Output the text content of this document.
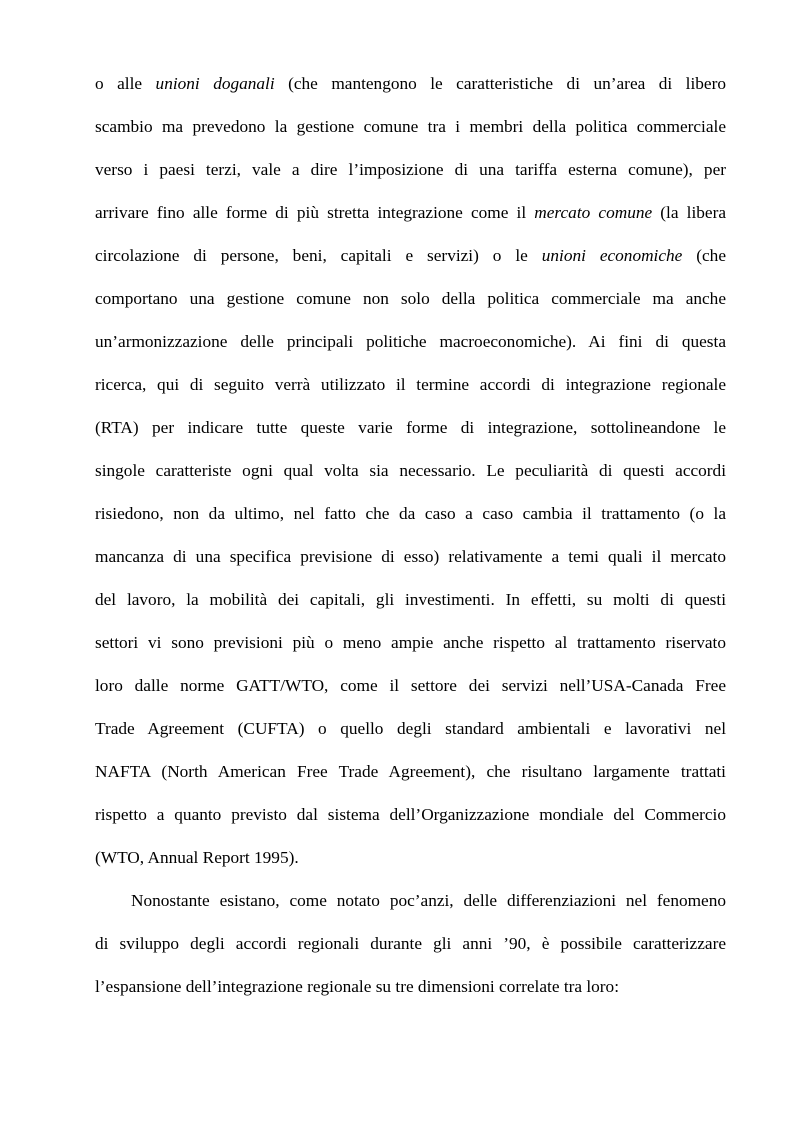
o alle unioni doganali (che mantengono le caratteristiche di un’area di libero
scambio ma prevedono la gestione comune tra i membri della politica commerciale
verso i paesi terzi, vale a dire l’imposizione di una tariffa esterna comune), per
arrivare fino alle forme di più stretta integrazione come il mercato comune (la libera
circolazione di persone, beni, capitali e servizi) o le unioni economiche (che
comportano una gestione comune non solo della politica commerciale ma anche
un’armonizzazione delle principali politiche macroeconomiche). Ai fini di questa
ricerca, qui di seguito verrà utilizzato il termine accordi di integrazione regionale
(RTA) per indicare tutte queste varie forme di integrazione, sottolineandone le
singole caratteriste ogni qual volta sia necessario. Le peculiarità di questi accordi
risiedono, non da ultimo, nel fatto che da caso a caso cambia il trattamento (o la
mancanza di una specifica previsione di esso) relativamente a temi quali il mercato
del lavoro, la mobilità dei capitali, gli investimenti. In effetti, su molti di questi
settori vi sono previsioni più o meno ampie anche rispetto al trattamento riservato
loro dalle norme GATT/WTO, come il settore dei servizi nell’USA-Canada Free
Trade Agreement (CUFTA) o quello degli standard ambientali e lavorativi nel
NAFTA (North American Free Trade Agreement), che risultano largamente trattati
rispetto a quanto previsto dal sistema dell’Organizzazione mondiale del Commercio
(WTO, Annual Report 1995).
Nonostante esistano, come notato poc’anzi, delle differenziazioni nel fenomeno
di sviluppo degli accordi regionali durante gli anni ’90, è possibile caratterizzare
l’espansione dell’integrazione regionale su tre dimensioni correlate tra loro:
